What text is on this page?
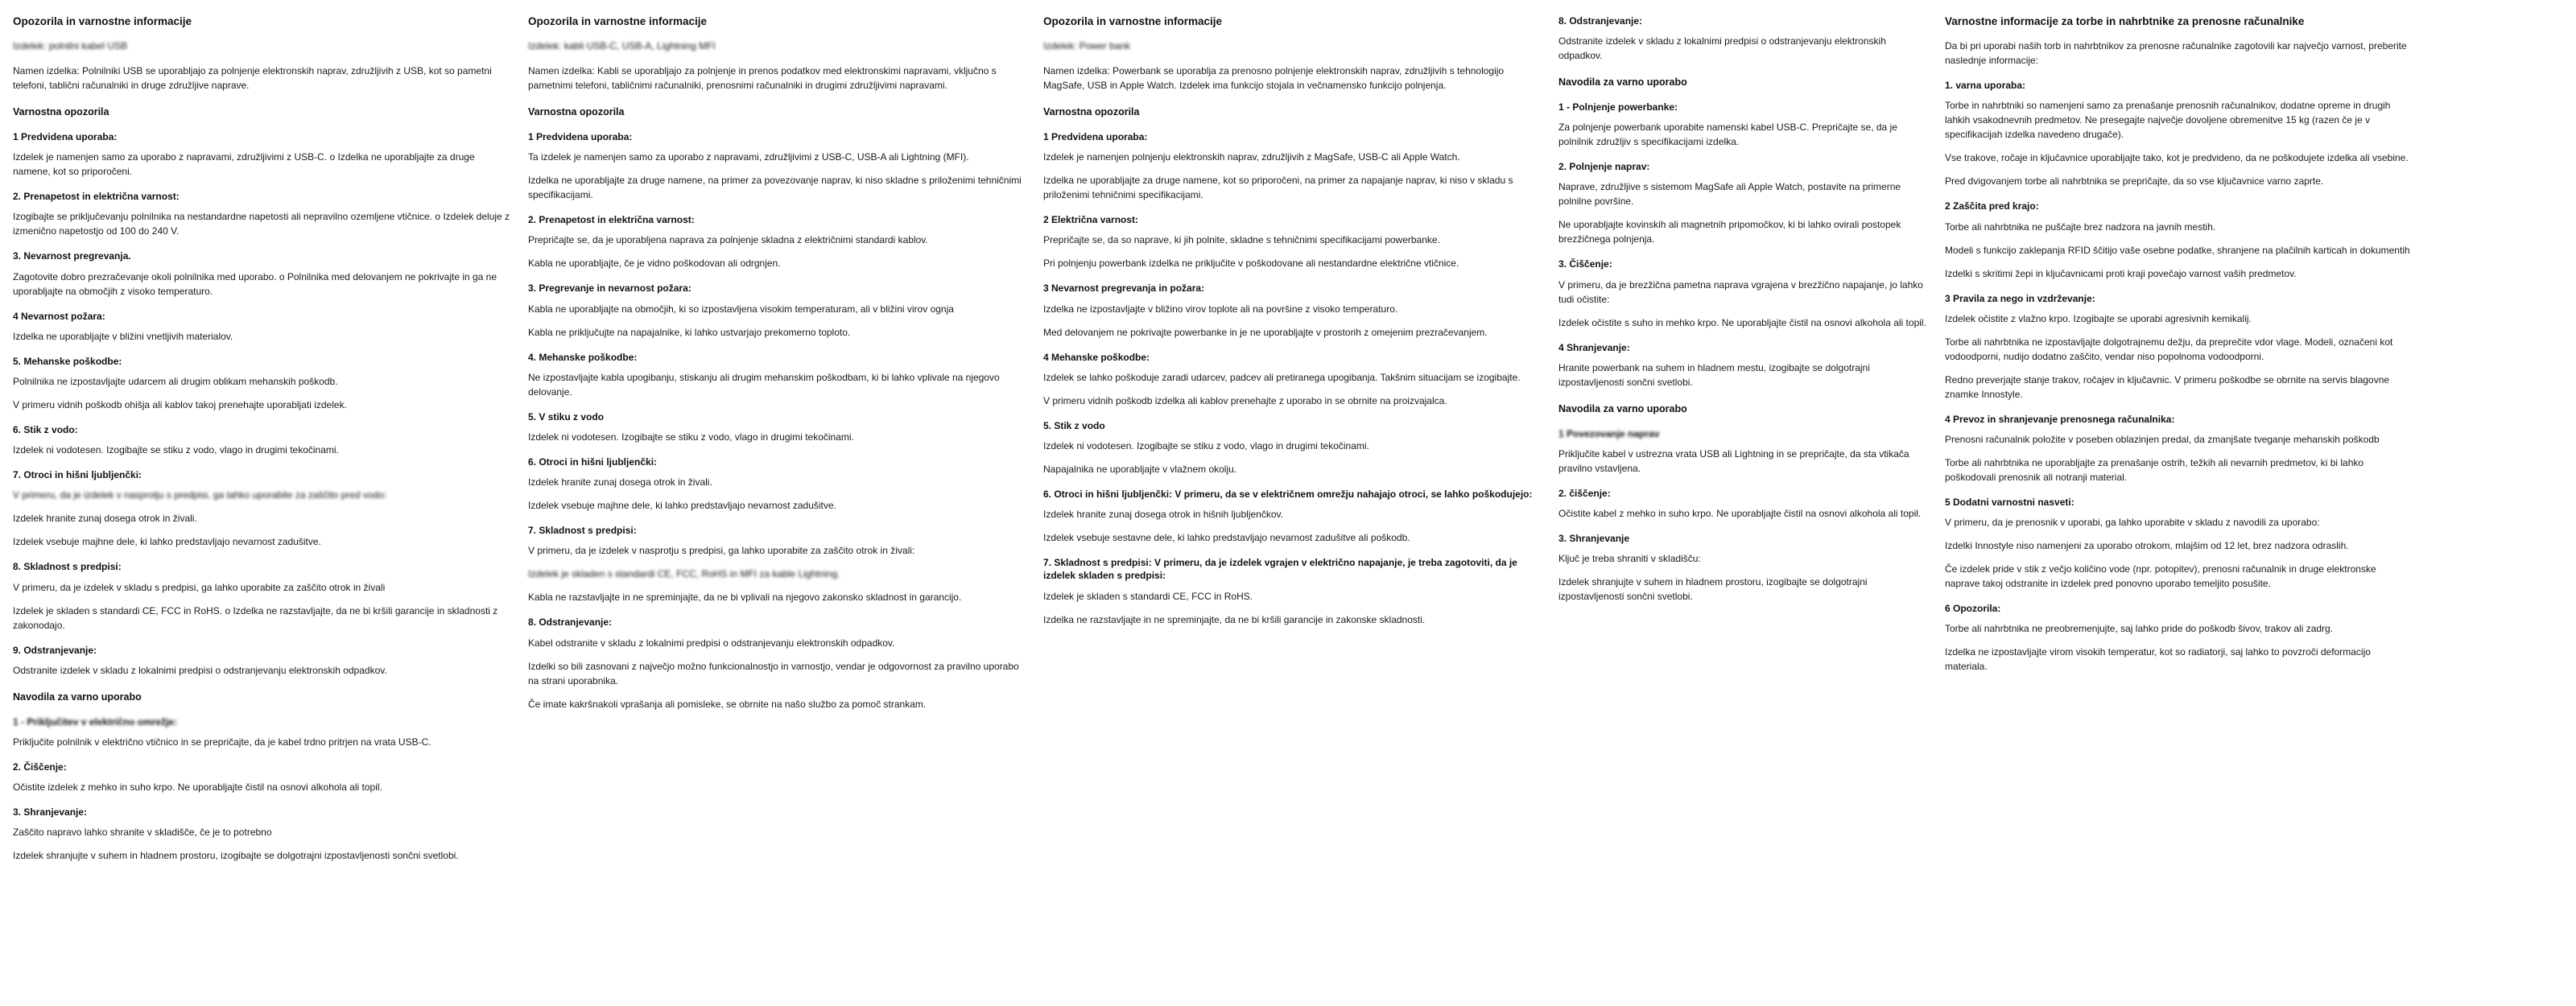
Opozorila in varnostne informacije
Izdelek: polnilni kabel USB

Namen izdelka: Polnilniki USB se uporabljajo za polnjenje elektronskih naprav, združljivih z USB, kot so pametni telefoni, tablični računalniki in druge združljive naprave.

Varnostna opozorila
1 Predvidena uporaba:

Izdelek je namenjen samo za uporabo z napravami, združljivimi z USB-C. o Izdelka ne uporabljajte za druge namene, kot so priporočeni.

2. Prenapetost in električna varnost:

Izogibajte se priključevanju polnilnika na nestandardne napetosti ali nepravilno ozemljene vtičnice. o Izdelek deluje z izmenično napetostjo od 100 do 240 V.

3. Nevarnost pregrevanja.

Zagotovite dobro prezračevanje okoli polnilnika med uporabo. o Polnilnika med delovanjem ne pokrivajte in ga ne uporabljajte na območjih z visoko temperaturo.

4 Nevarnost požara:

Izdelka ne uporabljajte v bližini vnetljivih materialov.

5. Mehanske poškodbe:

Polnilnika ne izpostavljajte udarcem ali drugim oblikam mehanskih poškodb.

V primeru vidnih poškodb ohišja ali kablov takoj prenehajte uporabljati izdelek.

6. Stik z vodo:

Izdelek ni vodotesen. Izogibajte se stiku z vodo, vlago in drugimi tekočinami.

7. Otroci in hišni ljubljenčki:

V primeru, da je izdelek v nasprotju s predpisi, ga lahko uporabite za zaščito pred vodo:

Izdelek hranite zunaj dosega otrok in živali.

Izdelek vsebuje majhne dele, ki lahko predstavljajo nevarnost zadušitve.

8. Skladnost s predpisi:

V primeru, da je izdelek v skladu s predpisi, ga lahko uporabite za zaščito otrok in živali

Izdelek je skladen s standardi CE, FCC in RoHS. o Izdelka ne razstavljajte, da ne bi kršili garancije in skladnosti z zakonodajo.

9. Odstranjevanje:

Odstranite izdelek v skladu z lokalnimi predpisi o odstranjevanju elektronskih odpadkov.

Navodila za varno uporabo
1 - Priključitev v električno omrežje:

Priključite polnilnik v električno vtičnico in se prepričajte, da je kabel trdno pritrjen na vrata USB-C.

2. Čiščenje:

Očistite izdelek z mehko in suho krpo. Ne uporabljajte čistil na osnovi alkohola ali topil.

3. Shranjevanje:

Zaščito napravo lahko shranite v skladišče, če je to potrebno

Izdelek shranjujte v suhem in hladnem prostoru, izogibajte se dolgotrajni izpostavljenosti sončni svetlobi.

Opozorila in varnostne informacije
Izdelek: kabli USB-C, USB-A, Lightning MFI

Namen izdelka: Kabli se uporabljajo za polnjenje in prenos podatkov med elektronskimi napravami, vključno s pametnimi telefoni, tabličnimi računalniki, prenosnimi računalniki in drugimi združljivimi napravami.

Varnostna opozorila
1 Predvidena uporaba:

Ta izdelek je namenjen samo za uporabo z napravami, združljivimi z USB-C, USB-A ali Lightning (MFI).

Izdelka ne uporabljajte za druge namene, na primer za povezovanje naprav, ki niso skladne s priloženimi tehničnimi specifikacijami.

2. Prenapetost in električna varnost:

Prepričajte se, da je uporabljena naprava za polnjenje skladna z električnimi standardi kablov.

Kabla ne uporabljajte, če je vidno poškodovan ali odrgnjen.

3. Pregrevanje in nevarnost požara:

Kabla ne uporabljajte na območjih, ki so izpostavljena visokim temperaturam, ali v bližini virov ognja

Kabla ne priključujte na napajalnike, ki lahko ustvarjajo prekomerno toploto.

4. Mehanske poškodbe:

Ne izpostavljajte kabla upogibanju, stiskanju ali drugim mehanskim poškodbam, ki bi lahko vplivale na njegovo delovanje.

5. V stiku z vodo

Izdelek ni vodotesen. Izogibajte se stiku z vodo, vlago in drugimi tekočinami.

6. Otroci in hišni ljubljenčki:

Izdelek hranite zunaj dosega otrok in živali.

Izdelek vsebuje majhne dele, ki lahko predstavljajo nevarnost zadušitve.

7. Skladnost s predpisi:

V primeru, da je izdelek v nasprotju s predpisi, ga lahko uporabite za zaščito otrok in živali:

Izdelek je skladen s standardi CE, FCC, RoHS in MFI za kable Lightning.

Kabla ne razstavljajte in ne spreminjajte, da ne bi vplivali na njegovo zakonsko skladnost in garancijo.

8. Odstranjevanje:

Kabel odstranite v skladu z lokalnimi predpisi o odstranjevanju elektronskih odpadkov.

Izdelki so bili zasnovani z največjo možno funkcionalnostjo in varnostjo, vendar je odgovornost za pravilno uporabo na strani uporabnika.

Če imate kakršnakoli vprašanja ali pomisleke, se obrnite na našo službo za pomoč strankam.

Opozorila in varnostne informacije
Izdelek: Power bank

Namen izdelka: Powerbank se uporablja za prenosno polnjenje elektronskih naprav, združljivih s tehnologijo MagSafe, USB in Apple Watch. Izdelek ima funkcijo stojala in večnamensko funkcijo polnjenja.

Varnostna opozorila
1 Predvidena uporaba:

Izdelek je namenjen polnjenju elektronskih naprav, združljivih z MagSafe, USB-C ali Apple Watch.

Izdelka ne uporabljajte za druge namene, kot so priporočeni, na primer za napajanje naprav, ki niso v skladu s priloženimi tehničnimi specifikacijami.

2 Električna varnost:

Prepričajte se, da so naprave, ki jih polnite, skladne s tehničnimi specifikacijami powerbanke.

Pri polnjenju powerbank izdelka ne priključite v poškodovane ali nestandardne električne vtičnice.

3 Nevarnost pregrevanja in požara:

Izdelka ne izpostavljajte v bližino virov toplote ali na površine z visoko temperaturo.

Med delovanjem ne pokrivajte powerbanke in je ne uporabljajte v prostorih z omejenim prezračevanjem.

4 Mehanske poškodbe:

Izdelek se lahko poškoduje zaradi udarcev, padcev ali pretiranega upogibanja. Takšnim situacijam se izogibajte.

V primeru vidnih poškodb izdelka ali kablov prenehajte z uporabo in se obrnite na proizvajalca.

5. Stik z vodo

Izdelek ni vodotesen. Izogibajte se stiku z vodo, vlago in drugimi tekočinami.

Napajalnika ne uporabljajte v vlažnem okolju.

6. Otroci in hišni ljubljenčki: V primeru, da se v električnem omrežju nahajajo otroci, se lahko poškodujejo:

Izdelek hranite zunaj dosega otrok in hišnih ljubljenčkov.

Izdelek vsebuje sestavne dele, ki lahko predstavljajo nevarnost zadušitve ali poškodb.

7. Skladnost s predpisi: V primeru, da je izdelek vgrajen v električno napajanje, je treba zagotoviti, da je izdelek skladen s predpisi:

Izdelek je skladen s standardi CE, FCC in RoHS.

Izdelka ne razstavljajte in ne spreminjajte, da ne bi kršili garancije in zakonske skladnosti.

8. Odstranjevanje:

Odstranite izdelek v skladu z lokalnimi predpisi o odstranjevanju elektronskih odpadkov.

Navodila za varno uporabo
1 - Polnjenje powerbanke:

Za polnjenje powerbank uporabite namenski kabel USB-C. Prepričajte se, da je polnilnik združljiv s specifikacijami izdelka.

2. Polnjenje naprav:

Naprave, združljive s sistemom MagSafe ali Apple Watch, postavite na primerne polnilne površine.

Ne uporabljajte kovinskih ali magnetnih pripomočkov, ki bi lahko ovirali postopek brezžičnega polnjenja.

3. Čiščenje:

V primeru, da je brezžična pametna naprava vgrajena v brezžično napajanje, jo lahko tudi očistite:

Izdelek očistite s suho in mehko krpo. Ne uporabljajte čistil na osnovi alkohola ali topil.

4 Shranjevanje:

Hranite powerbank na suhem in hladnem mestu, izogibajte se dolgotrajni izpostavljenosti sončni svetlobi.

Navodila za varno uporabo
1 Povezovanje naprav

Priključite kabel v ustrezna vrata USB ali Lightning in se prepričajte, da sta vtikača pravilno vstavljena.

2. čiščenje:

Očistite kabel z mehko in suho krpo. Ne uporabljajte čistil na osnovi alkohola ali topil.

3. Shranjevanje

Ključ je treba shraniti v skladišču:

Izdelek shranjujte v suhem in hladnem prostoru, izogibajte se dolgotrajni izpostavljenosti sončni svetlobi.

Varnostne informacije za torbe in nahrbtnike za prenosne računalnike

Da bi pri uporabi naših torb in nahrbtnikov za prenosne računalnike zagotovili kar največjo varnost, preberite naslednje informacije:

1. varna uporaba:

Torbe in nahrbtniki so namenjeni samo za prenašanje prenosnih računalnikov, dodatne opreme in drugih lahkih vsakodnevnih predmetov. Ne presegajte največje dovoljene obremenitve 15 kg (razen če je v specifikacijah izdelka navedeno drugače).

Vse trakove, ročaje in ključavnice uporabljajte tako, kot je predvideno, da ne poškodujete izdelka ali vsebine.

Pred dvigovanjem torbe ali nahrbtnika se prepričajte, da so vse ključavnice varno zaprte.

2 Zaščita pred krajo:

Torbe ali nahrbtnika ne puščajte brez nadzora na javnih mestih.

Modeli s funkcijo zaklepanja RFID ščitijo vaše osebne podatke, shranjene na plačilnih karticah in dokumentih

Izdelki s skritimi žepi in ključavnicami proti kraji povečajo varnost vaših predmetov.

3 Pravila za nego in vzdrževanje:

Izdelek očistite z vlažno krpo. Izogibajte se uporabi agresivnih kemikalij.

Torbe ali nahrbtnika ne izpostavljajte dolgotrajnemu dežju, da preprečite vdor vlage. Modeli, označeni kot vodoodporni, nudijo dodatno zaščito, vendar niso popolnoma vodoodporni.

Redno preverjajte stanje trakov, ročajev in ključavnic. V primeru poškodbe se obrnite na servis blagovne znamke Innostyle.

4 Prevoz in shranjevanje prenosnega računalnika:

Prenosni računalnik položite v poseben oblazinjen predal, da zmanjšate tveganje mehanskih poškodb

Torbe ali nahrbtnika ne uporabljajte za prenašanje ostrih, težkih ali nevarnih predmetov, ki bi lahko poškodovali prenosnik ali notranji material.

5 Dodatni varnostni nasveti:

V primeru, da je prenosnik v uporabi, ga lahko uporabite v skladu z navodili za uporabo:

Izdelki Innostyle niso namenjeni za uporabo otrokom, mlajšim od 12 let, brez nadzora odraslih.

Če izdelek pride v stik z večjo količino vode (npr. potopitev), prenosni računalnik in druge elektronske naprave takoj odstranite in izdelek pred ponovno uporabo temeljito posušite.

6 Opozorila:

Torbe ali nahrbtnika ne preobremenjujte, saj lahko pride do poškodb šivov, trakov ali zadrg.

Izdelka ne izpostavljajte virom visokih temperatur, kot so radiatorji, saj lahko to povzroči deformacijo materiala.
